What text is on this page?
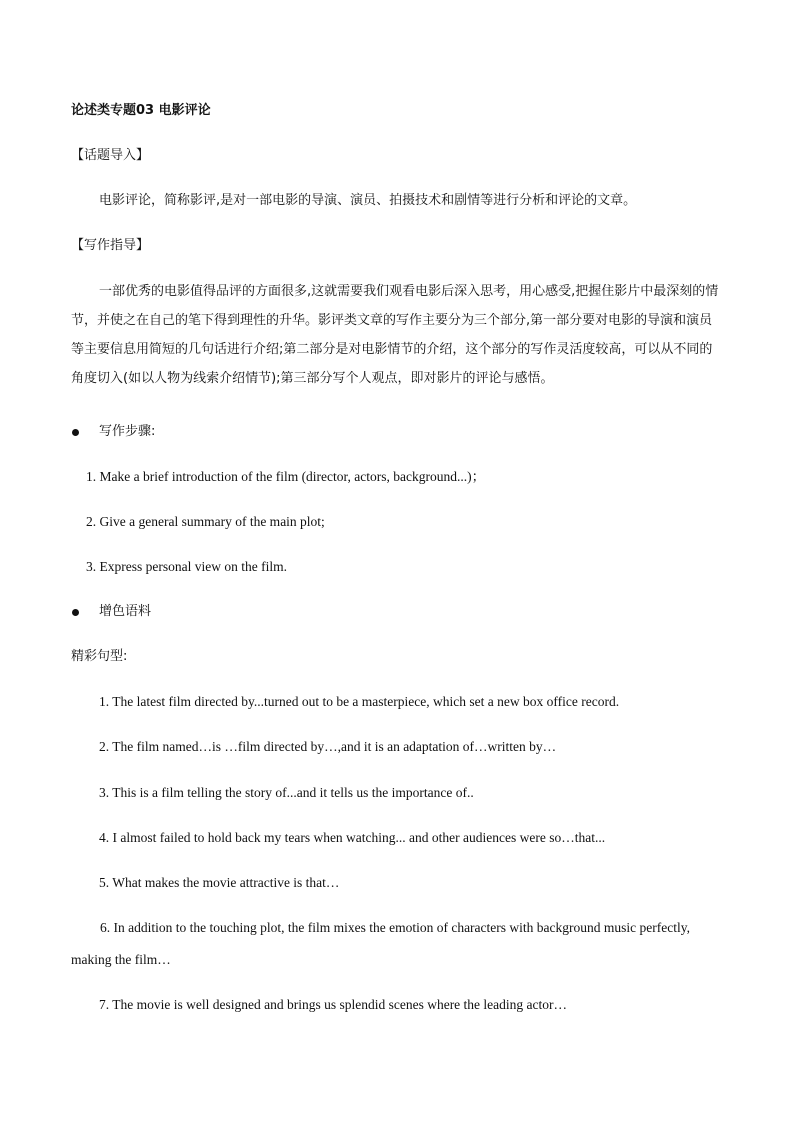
论述类专题03 电影评论
【话题导入】
电影评论，简称影评,是对一部电影的导演、演员、拍摄技术和剧情等进行分析和评论的文章。
【写作指导】
一部优秀的电影值得品评的方面很多,这就需要我们观看电影后深入思考，用心感受,把握住影片中最深刻的情节，并使之在自己的笔下得到理性的升华。影评类文章的写作主要分为三个部分,第一部分要对电影的导演和演员等主要信息用简短的几句话进行介绍;第二部分是对电影情节的介绍，这个部分的写作灵活度较高，可以从不同的角度切入(如以人物为线索介绍情节);第三部分写个人观点，即对影片的评论与感悟。
写作步骤:
1. Make a brief introduction of the film (director, actors, background...)；
2. Give a general summary of the main plot;
3. Express personal view on the film.
增色语料
精彩句型:
1. The latest film directed by...turned out to be a masterpiece, which set a new box office record.
2. The film named…is …film directed by…,and it is an adaptation of…written by…
3. This is a film telling the story of...and it tells us the importance of..
4. I almost failed to hold back my tears when watching... and other audiences were so…that...
5. What makes the movie attractive is that…
6. In addition to the touching plot, the film mixes the emotion of characters with background music perfectly, making the film…
7. The movie is well designed and brings us splendid scenes where the leading actor…
